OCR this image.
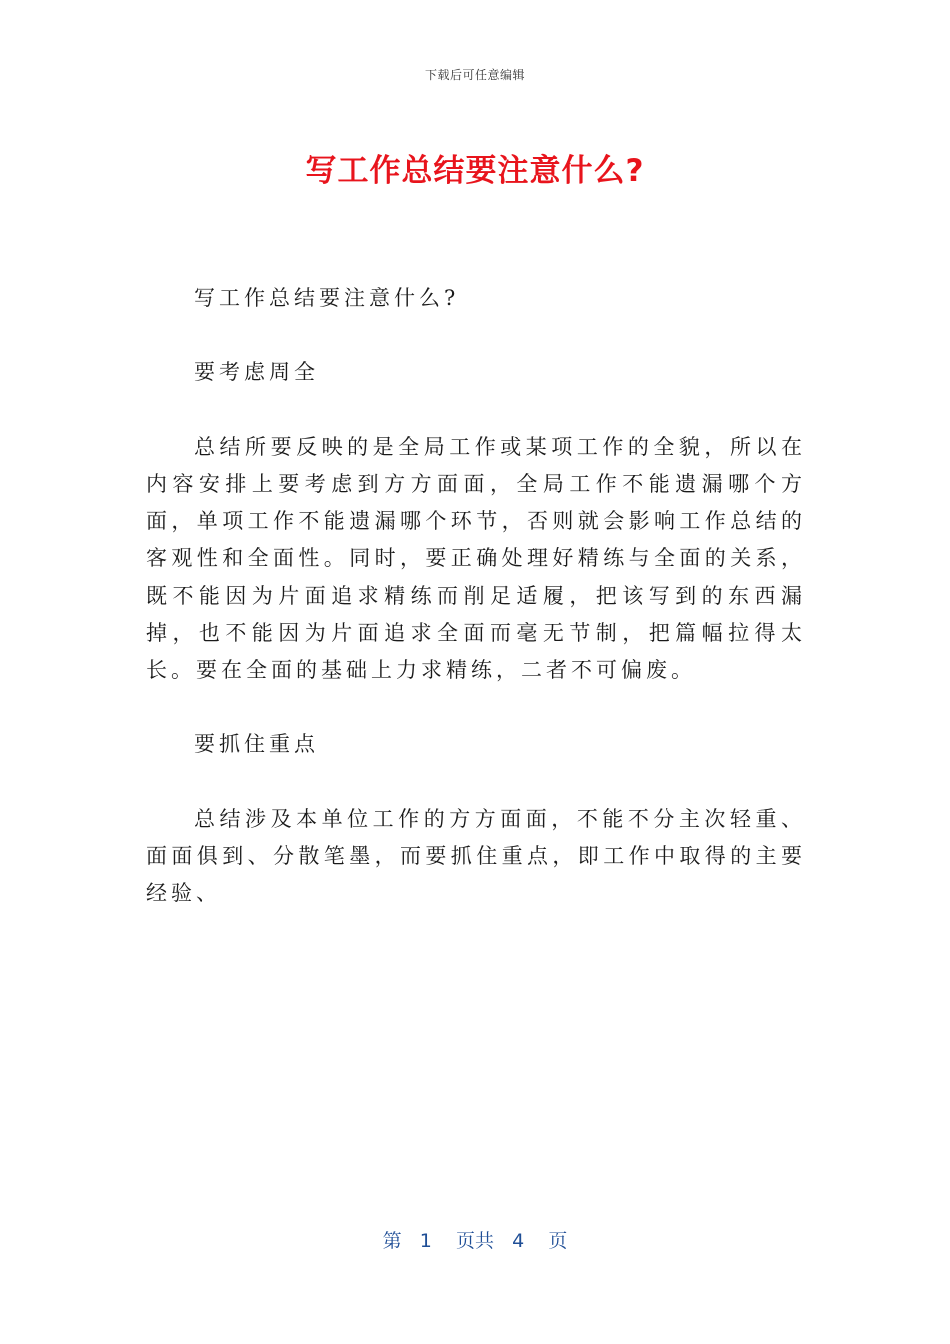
下载后可任意编辑
写工作总结要注意什么?

写工作总结要注意什么?

要考虑周全

总结所要反映的是全局工作或某项工作的全貌，所以在内容安排上要考虑到方方面面，全局工作不能遗漏哪个方面，单项工作不能遗漏哪个环节，否则就会影响工作总结的客观性和全面性。同时，要正确处理好精练与全面的关系，既不能因为片面追求精练而削足适履，把该写到的东西漏掉，也不能因为片面追求全面而毫无节制，把篇幅拉得太长。要在全面的基础上力求精练，二者不可偏废。

要抓住重点

总结涉及本单位工作的方方面面，不能不分主次轻重、面面俱到、分散笔墨，而要抓住重点，即工作中取得的主要经验、

第 1 页共 4 页
